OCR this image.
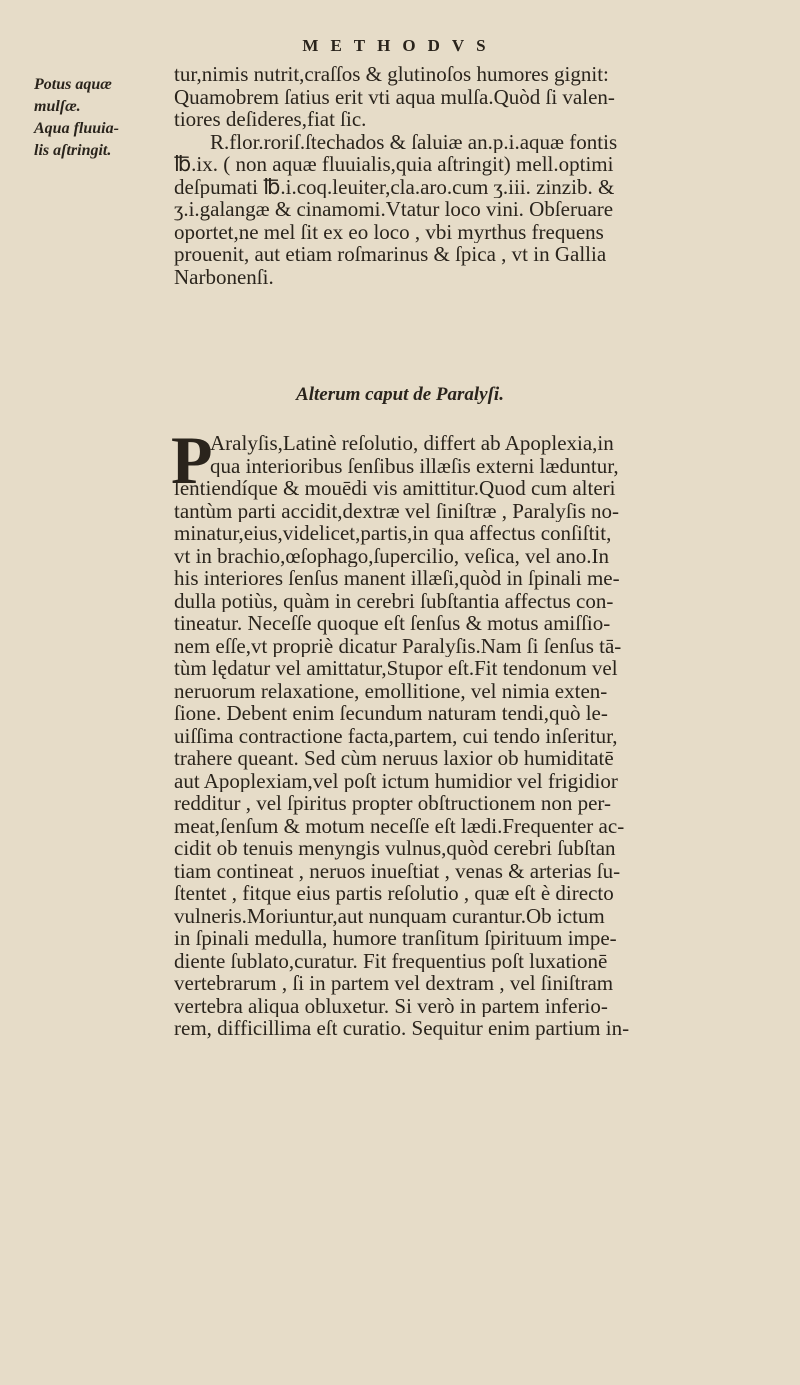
METHODVS
Potus aquæ
mulſæ.
Aqua fluuia-
lis aſtringit.
tur,nimis nutrit,craſſos & glutinoſos humores gignit:
Quamobrem ſatius erit vti aqua mulſa.Quòd ſi valen-
tiores deſideres,fiat ſic.
R.flor.roriſ.ſtechados & ſaluiæ an.p.i.aquæ fontis
℔.ix. ( non aquæ fluuialis,quia aſtringit) mell.optimi
deſpumati ℔.i.coq.leuiter,cla.aro.cum ʒ.iii. zinzib. &
ʒ.i.galangæ & cinamomi.Vtatur loco vini. Obſeruare
oportet,ne mel ſit ex eo loco , vbi myrthus frequens
prouenit, aut etiam roſmarinus & ſpica , vt in Gallia
Narbonenſi.
Alterum caput de Paralyſi.
P
Aralyſis,Latinè reſolutio, differt ab Apoplexia,in
qua interioribus ſenſibus illæſis externi læduntur,
ſentiendíque & mouēdi vis amittitur.Quod cum alteri
tantùm parti accidit,dextræ vel ſiniſtræ , Paralyſis no-
minatur,eius,videlicet,partis,in qua affectus conſiſtit,
vt in brachio,œſophago,ſupercilio, veſica, vel ano.In
his interiores ſenſus manent illæſi,quòd in ſpinali me-
dulla potiùs, quàm in cerebri ſubſtantia affectus con-
tineatur. Neceſſe quoque eſt ſenſus & motus amiſſio-
nem eſſe,vt propriè dicatur Paralyſis.Nam ſi ſenſus tā-
tùm lędatur vel amittatur,Stupor eſt.Fit tendonum vel
neruorum relaxatione, emollitione, vel nimia exten-
ſione. Debent enim ſecundum naturam tendi,quò le-
uiſſima contractione facta,partem, cui tendo inſeritur,
trahere queant. Sed cùm neruus laxior ob humiditatē
aut Apoplexiam,vel poſt ictum humidior vel frigidior
redditur , vel ſpiritus propter obſtructionem non per-
meat,ſenſum & motum neceſſe eſt lædi.Frequenter ac-
cidit ob tenuis menyngis vulnus,quòd cerebri ſubſtan
tiam contineat , neruos inueſtiat , venas & arterias ſu-
ſtentet , fitque eius partis reſolutio , quæ eſt è directo
vulneris.Moriuntur,aut nunquam curantur.Ob ictum
in ſpinali medulla, humore tranſitum ſpirituum impe-
diente ſublato,curatur. Fit frequentius poſt luxationē
vertebrarum , ſi in partem vel dextram , vel ſiniſtram
vertebra aliqua obluxetur. Si verò in partem inferio-
rem, difficillima eſt curatio. Sequitur enim partium in-
